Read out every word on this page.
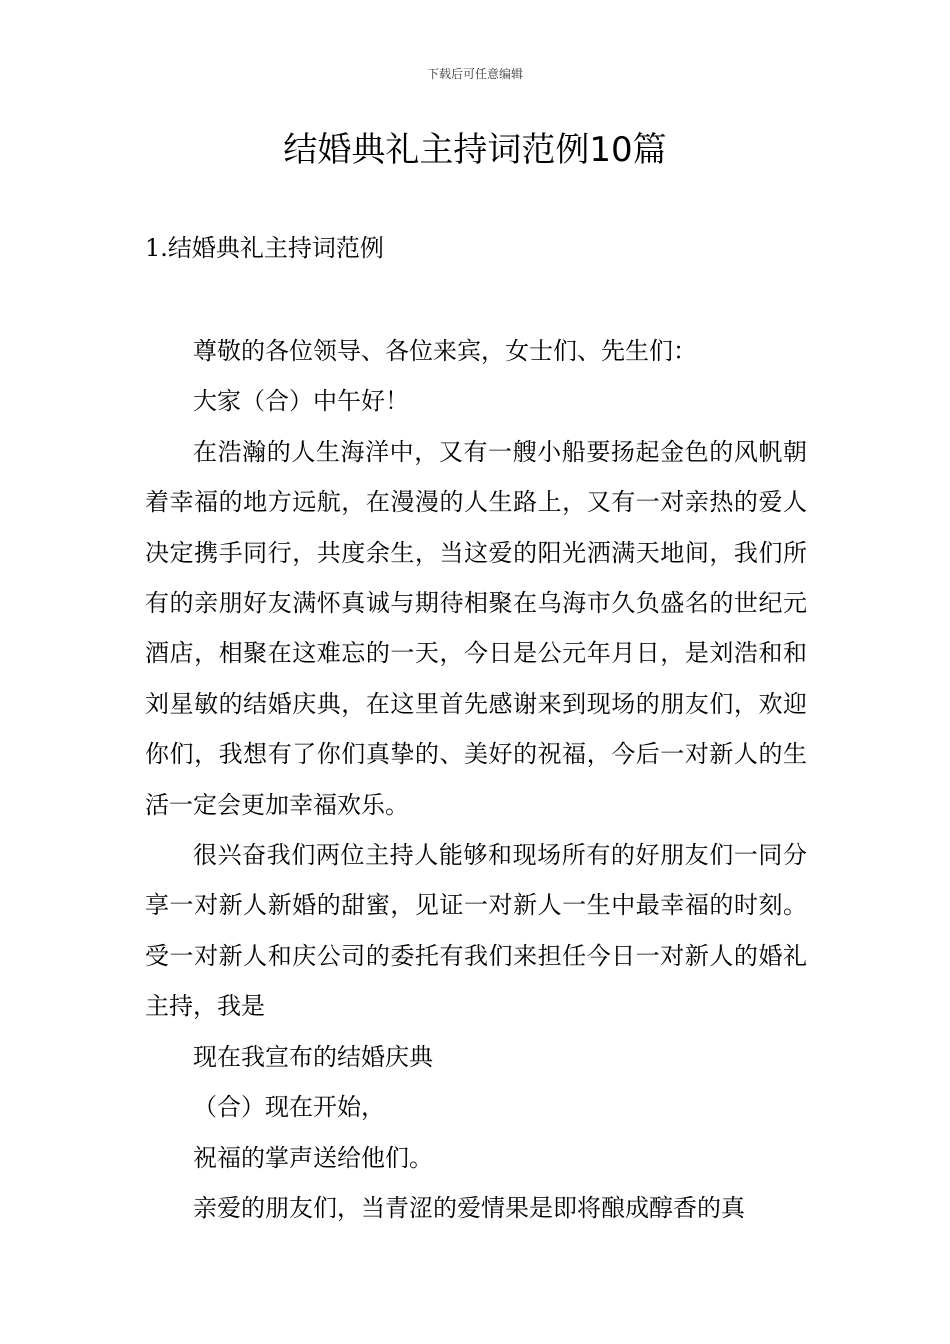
下载后可任意编辑
结婚典礼主持词范例10篇
1.结婚典礼主持词范例

尊敬的各位领导、各位来宾，女士们、先生们：

大家（合）中午好！

在浩瀚的人生海洋中，又有一艘小船要扬起金色的风帆朝着幸福的地方远航，在漫漫的人生路上，又有一对亲热的爱人决定携手同行，共度余生，当这爱的阳光洒满天地间，我们所有的亲朋好友满怀真诚与期待相聚在乌海市久负盛名的世纪元酒店，相聚在这难忘的一天，今日是公元年月日，是刘浩和和刘星敏的结婚庆典，在这里首先感谢来到现场的朋友们，欢迎你们，我想有了你们真挚的、美好的祝福，今后一对新人的生活一定会更加幸福欢乐。

很兴奋我们两位主持人能够和现场所有的好朋友们一同分享一对新人新婚的甜蜜，见证一对新人一生中最幸福的时刻。受一对新人和庆公司的委托有我们来担任今日一对新人的婚礼主持，我是

现在我宣布的结婚庆典

（合）现在开始，

祝福的掌声送给他们。

亲爱的朋友们，当青涩的爱情果是即将酿成醇香的真
